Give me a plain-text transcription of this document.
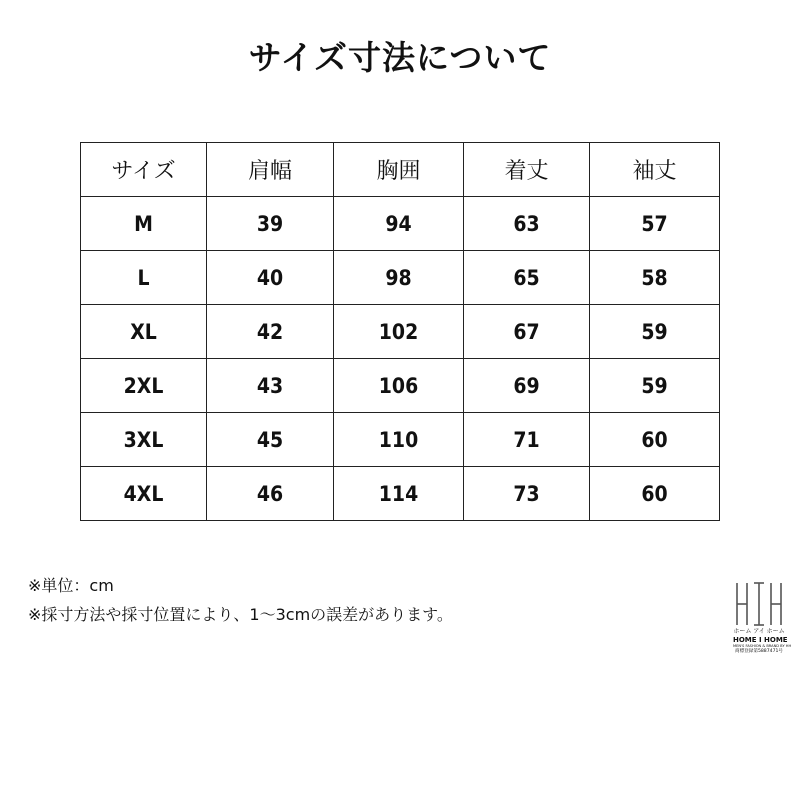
サイズ寸法について
サイズ	肩幅	胸囲	着丈	袖丈
M	39	94	63	57
L	40	98	65	58
XL	42	102	67	59
2XL	43	106	69	59
3XL	45	110	71	60
4XL	46	114	73	60
※単位：cm
※採寸方法や採寸位置により、1～3cmの誤差があります。
ホーム アイ ホーム
HOME I HOME
MEN'S FASHION & BRAND BY HH
商標登録第5887471号
